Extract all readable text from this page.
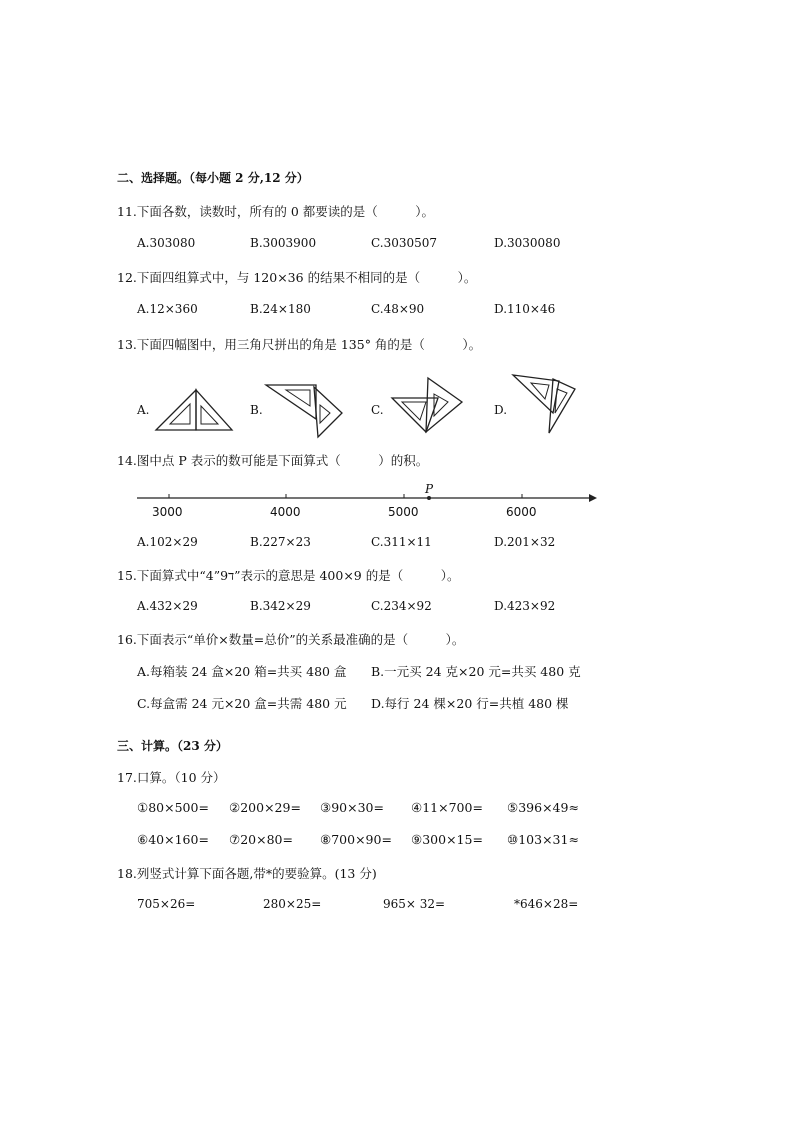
二、选择题。（每小题 2 分,12 分）
11.下面各数，读数时，所有的 0 都要读的是（　　　）。
A.303080	B.3003900	C.3030507	D.3030080
12.下面四组算式中，与 120×36 的结果不相同的是（　　　）。
A.12×360	B.24×180	C.48×90	D.110×46
13.下面四幅图中，用三角尺拼出的角是 135° 角的是（　　　）。
A.	B.	C.	D.
14.图中点 P 表示的数可能是下面算式（　　　）的积。
P
3000	4000	5000	6000
A.102×29	B.227×23	C.311×11	D.201×32
15.下面算式中“4”ד9”表示的意思是 400×9 的是（　　　）。
A.432×29	B.342×29	C.234×92	D.423×92
16.下面表示“单价×数量=总价”的关系最准确的是（　　　）。
A.每箱装 24 盒×20 箱=共买 480 盒 B.一元买 24 克×20 元=共买 480 克
C.每盒需 24 元×20 盒=共需 480 元 D.每行 24 棵×20 行=共植 480 棵
三、计算。（23 分）
17.口算。（10 分）
①80×500= ②200×29= ③90×30= ④11×700= ⑤396×49≈
⑥40×160= ⑦20×80= ⑧700×90= ⑨300×15= ⑩103×31≈
18.列竖式计算下面各题,带*的要验算。(13 分)
705×26=	280×25=	965× 32=	*646×28=
